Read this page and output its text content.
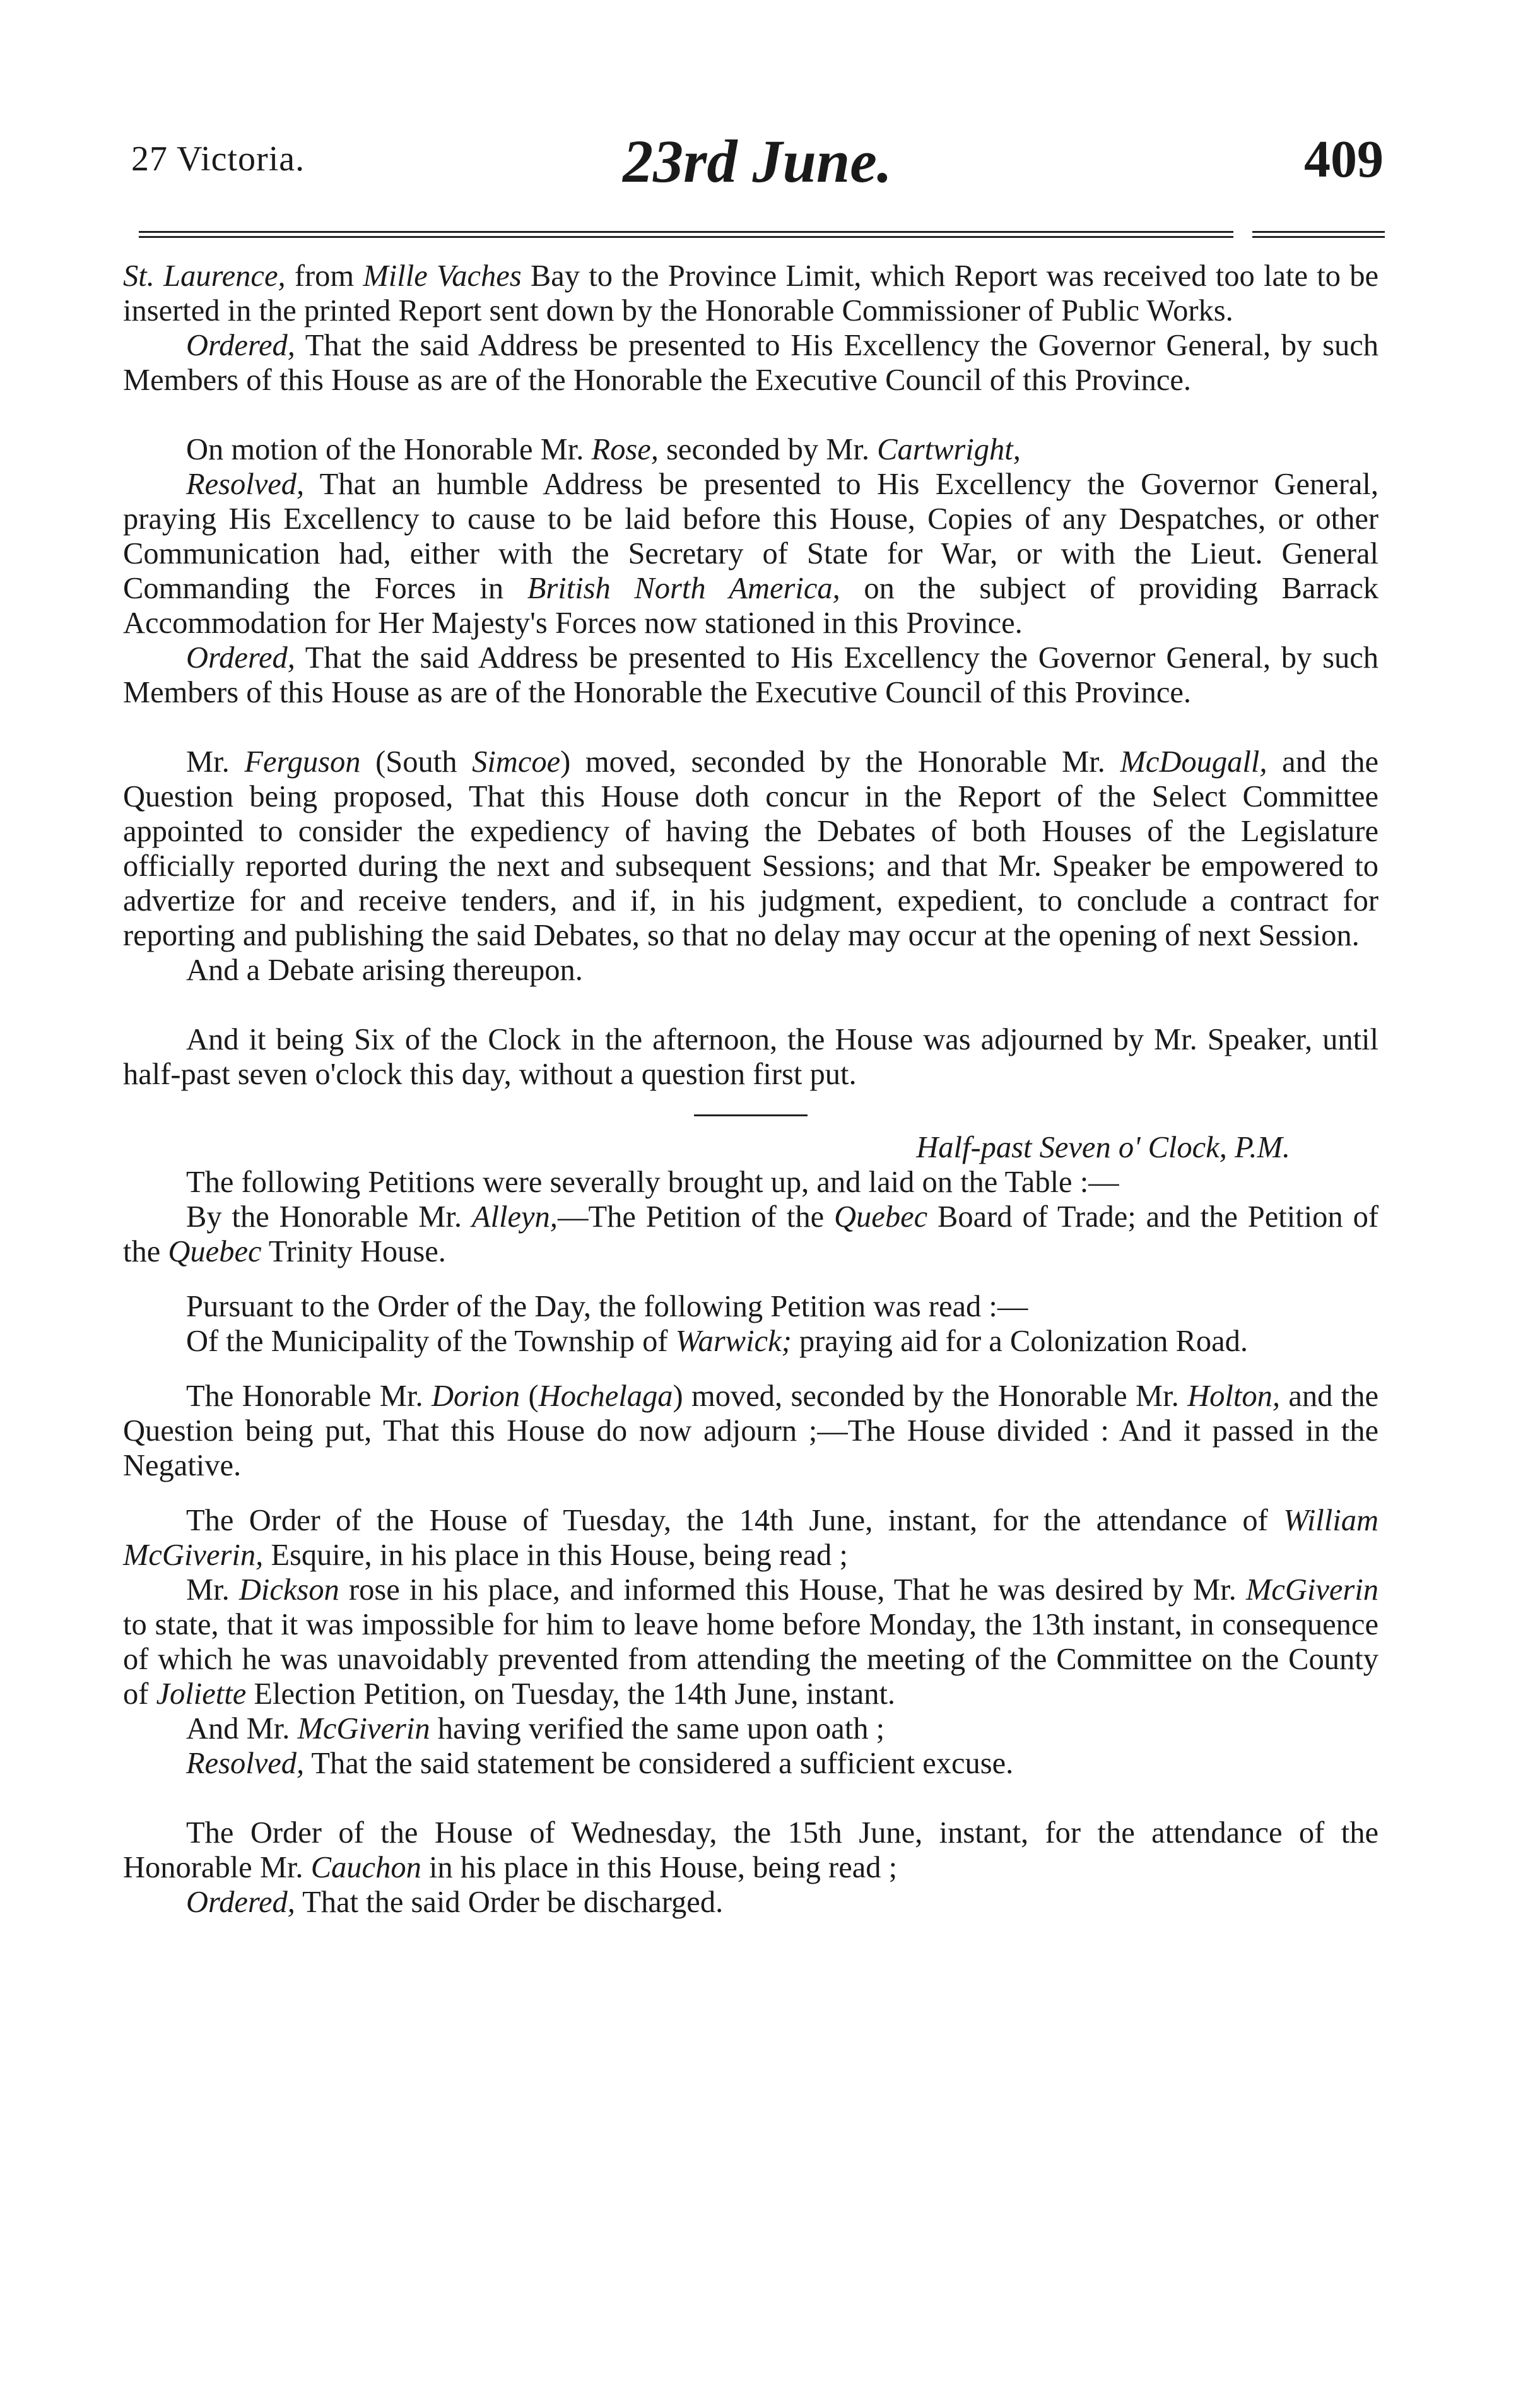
27 Victoria.	23rd June.	409

St. Laurence, from Mille Vaches Bay to the Province Limit, which Report was received too late to be inserted in the printed Report sent down by the Honorable Commissioner of Public Works.

Ordered, That the said Address be presented to His Excellency the Governor General, by such Members of this House as are of the Honorable the Executive Council of this Province.

On motion of the Honorable Mr. Rose, seconded by Mr. Cartwright,

Resolved, That an humble Address be presented to His Excellency the Governor General, praying His Excellency to cause to be laid before this House, Copies of any Despatches, or other Communication had, either with the Secretary of State for War, or with the Lieut. General Commanding the Forces in British North America, on the subject of providing Barrack Accommodation for Her Majesty's Forces now stationed in this Province.

Ordered, That the said Address be presented to His Excellency the Governor General, by such Members of this House as are of the Honorable the Executive Council of this Province.

Mr. Ferguson (South Simcoe) moved, seconded by the Honorable Mr. McDougall, and the Question being proposed, That this House doth concur in the Report of the Select Committee appointed to consider the expediency of having the Debates of both Houses of the Legislature officially reported during the next and subsequent Sessions; and that Mr. Speaker be empowered to advertize for and receive tenders, and if, in his judgment, expedient, to conclude a contract for reporting and publishing the said Debates, so that no delay may occur at the opening of next Session.

And a Debate arising thereupon.

And it being Six of the Clock in the afternoon, the House was adjourned by Mr. Speaker, until half-past seven o'clock this day, without a question first put.

Half-past Seven o' Clock, P.M.

The following Petitions were severally brought up, and laid on the Table :—

By the Honorable Mr. Alleyn,—The Petition of the Quebec Board of Trade; and the Petition of the Quebec Trinity House.

Pursuant to the Order of the Day, the following Petition was read :—

Of the Municipality of the Township of Warwick; praying aid for a Colonization Road.

The Honorable Mr. Dorion (Hochelaga) moved, seconded by the Honorable Mr. Holton, and the Question being put, That this House do now adjourn ;—The House divided : And it passed in the Negative.

The Order of the House of Tuesday, the 14th June, instant, for the attendance of William McGiverin, Esquire, in his place in this House, being read ;

Mr. Dickson rose in his place, and informed this House, That he was desired by Mr. McGiverin to state, that it was impossible for him to leave home before Monday, the 13th instant, in consequence of which he was unavoidably prevented from attending the meeting of the Committee on the County of Joliette Election Petition, on Tuesday, the 14th June, instant.

And Mr. McGiverin having verified the same upon oath ;

Resolved, That the said statement be considered a sufficient excuse.

The Order of the House of Wednesday, the 15th June, instant, for the attendance of the Honorable Mr. Cauchon in his place in this House, being read ;

Ordered, That the said Order be discharged.
